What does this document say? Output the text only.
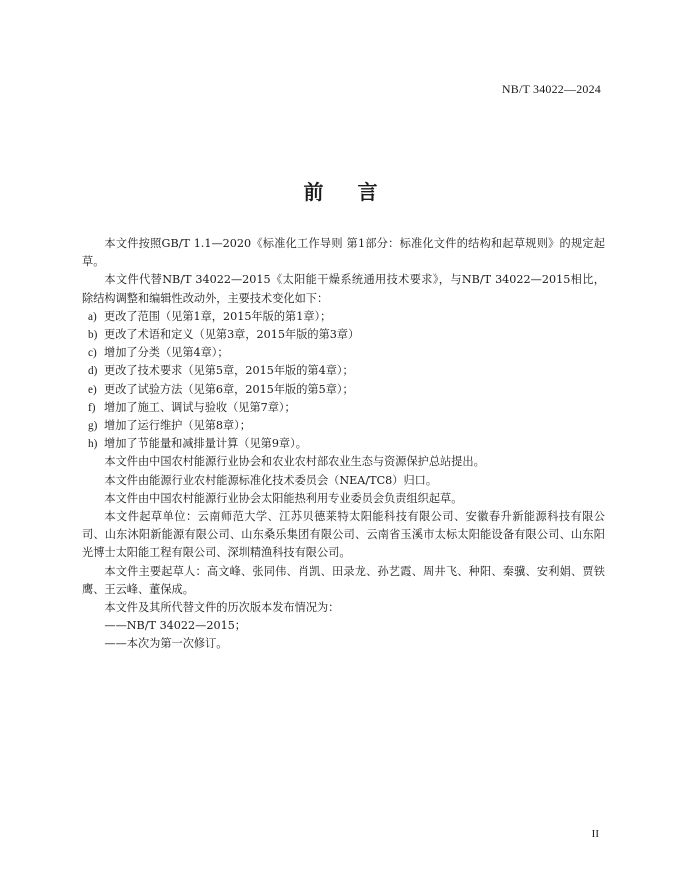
NB/T 34022—2024
前 言

本文件按照GB/T 1.1—2020《标准化工作导则 第1部分：标准化文件的结构和起草规则》的规定起草。

本文件代替NB/T 34022—2015《太阳能干燥系统通用技术要求》，与NB/T 34022—2015相比，除结构调整和编辑性改动外，主要技术变化如下：

a) 更改了范围（见第1章，2015年版的第1章）；

b) 更改了术语和定义（见第3章，2015年版的第3章）

c) 增加了分类（见第4章）；

d) 更改了技术要求（见第5章，2015年版的第4章）；

e) 更改了试验方法（见第6章，2015年版的第5章）；

f) 增加了施工、调试与验收（见第7章）；

g) 增加了运行维护（见第8章）；

h) 增加了节能量和减排量计算（见第9章）。

本文件由中国农村能源行业协会和农业农村部农业生态与资源保护总站提出。

本文件由能源行业农村能源标准化技术委员会（NEA/TC8）归口。

本文件由中国农村能源行业协会太阳能热利用专业委员会负责组织起草。

本文件起草单位：云南师范大学、江苏贝德莱特太阳能科技有限公司、安徽春升新能源科技有限公司、山东沐阳新能源有限公司、山东桑乐集团有限公司、云南省玉溪市太标太阳能设备有限公司、山东阳光博士太阳能工程有限公司、深圳精渔科技有限公司。

本文件主要起草人：高文峰、张同伟、肖凯、田录龙、孙艺霞、周井飞、种阳、秦骥、安利娟、贾铁鹰、王云峰、董保成。

本文件及其所代替文件的历次版本发布情况为：

——NB/T 34022—2015；

——本次为第一次修订。

II
